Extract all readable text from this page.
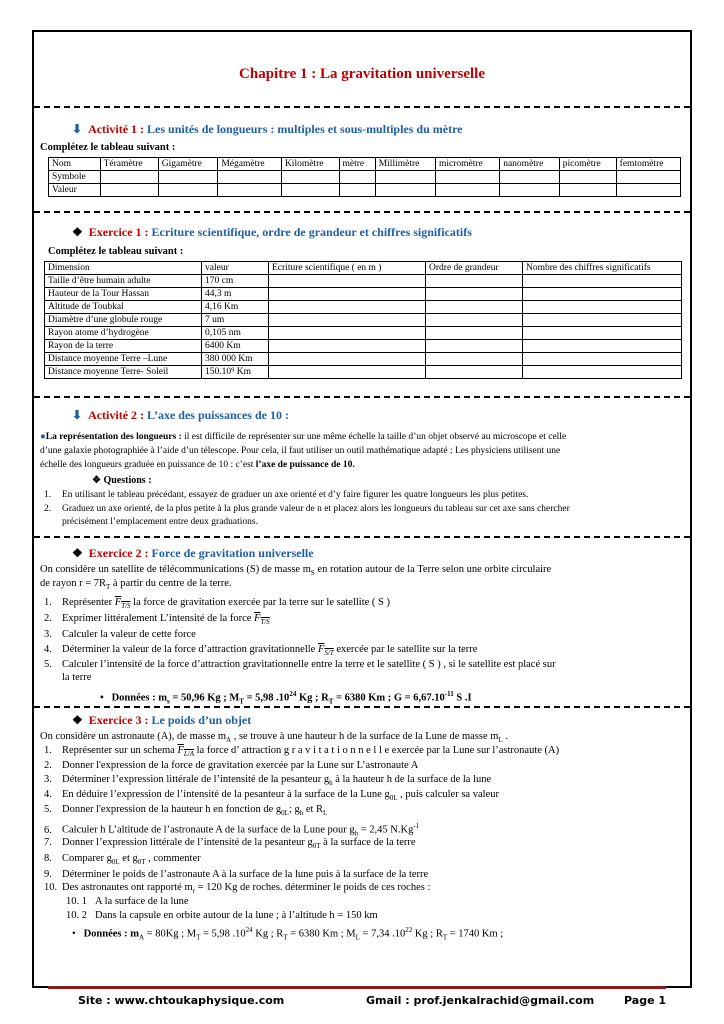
Chapitre 1 : La gravitation universelle
⬇ Activité 1 : Les unités de longueurs : multiples et sous-multiples du mètre
Complétez le tableau suivant :
Nom	Téramètre	Gigamètre	Mégamètre	Kilomètre	mètre	Millimètre	micromètre	nanomètre	picomètre	femtomètre
Symbole										
Valeur										
❖ Exercice 1 : Ecriture scientifique, ordre de grandeur et chiffres significatifs
Complétez le tableau suivant :
Dimension	valeur	Ecriture scientifique ( en m )	Ordre de grandeur	Nombre des chiffres significatifs
Taille d’être humain adulte	170 cm			
Hauteur de la Tour Hassan	44,3 m			
Altitude de Toubkal	4,16 Km			
Diamètre d’une globule rouge	7 um			
Rayon atome d’hydrogène	0,105 nm			
Rayon de la terre	6400 Km			
Distance moyenne Terre –Lune	380 000 Km			
Distance moyenne Terre- Soleil	150.10⁹ Km			
⬇ Activité 2 : L’axe des puissances de 10 :
●La représentation des longueurs : il est difficile de représenter sur une même échelle la taille d’un objet observé au microscope et celle
d’une galaxie photographiée à l’aide d’un télescope. Pour cela, il faut utiliser un outil mathématique adapté : Les physiciens utilisent une
échelle des longueurs graduée en puissance de 10 : c’est l’axe de puissance de 10.
❖ Questions :
1. En utilisant le tableau précédant, essayez de graduer un axe orienté et d’y faire figurer les quatre longueurs les plus petites.
2. Graduez un axe orienté, de la plus petite à la plus grande valeur de n et placez alors les longueurs du tableau sur cet axe sans chercher
précisément l’emplacement entre deux graduations.
❖ Exercice 2 : Force de gravitation universelle
On considère un satellite de télécommunications (S) de masse $m_S$ en rotation autour de la Terre selon une orbite circulaire
de rayon $r = 7R_T$ à partir du centre de la terre.
1. Représenter $F_{T/S}$ la force de gravitation exercée par la terre sur le satellite ( S )
2. Exprimer littéralement L’intensité de la force $F_{T/S}$
3. Calculer la valeur de cette force
4. Déterminer la valeur de la force d’attraction gravitationnelle $F_{S/T}$ exercée par le satellite sur la terre
5. Calculer l’intensité de la force d’attraction gravitationnelle entre la terre et le satellite ( S ) , si le satellite est placé sur
la terre
• Données : $m_s = 50,96$ Kg ; $M_T = 5,98$ $.10^{24}$ Kg ; $R_T = 6380$ Km ; $G = 6,67.10^{-11}$ S .I
❖ Exercice 3 : Le poids d’un objet
On considère un astronaute (A), de masse $m_A$ , se trouve à une hauteur h de la surface de la Lune de masse $m_L$ .
1. Représenter sur un schema $F_{L/A}$ la force d’ attraction g r a v i t a t i o n n e l l e exercée par la Lune sur l’astronaute (A)
2. Donner l'expression de la force de gravitation exercée par la Lune sur L’astronaute A
3. Déterminer l’expression littérale de l’intensité de la pesanteur $g_h$ à la hauteur h de la surface de la lune
4. En déduire l’expression de l’intensité de la pesanteur à la surface de la Lune $g_{0L}$ , puis calculer sa valeur
5. Donner l'expression de la hauteur h en fonction de $g_{0L}$; $g_h$ et $R_L$
6. Calculer h L’altitude de l’astronaute A de la surface de la Lune pour $g_h = 2,45$ $N.Kg^{-1}$
7. Donner l’expression littérale de l’intensité de la pesanteur $g_{0T}$ à la surface de la terre
8. Comparer $g_{0L}$ et $g_{0T}$ , commenter
9. Déterminer le poids de l’astronaute A à la surface de la lune puis à la surface de la terre
10. Des astronautes ont rapporté $m_r = 120$ Kg de roches. déterminer le poids de ces roches :
10. 1 A la surface de la lune
10. 2 Dans la capsule en orbite autour de la lune ; à l’altitude h = 150 km
• Données : $m_A = 80Kg$ ; $M_T = 5,98$ $.10^{24}$ Kg ; $R_T = 6380$ Km ; $M_L = 7,34$ $.10^{22}$ Kg ; $R_T = 1740$ Km ;
Site : www.chtoukaphysique.com	Gmail : prof.jenkalrachid@gmail.com	Page 1
